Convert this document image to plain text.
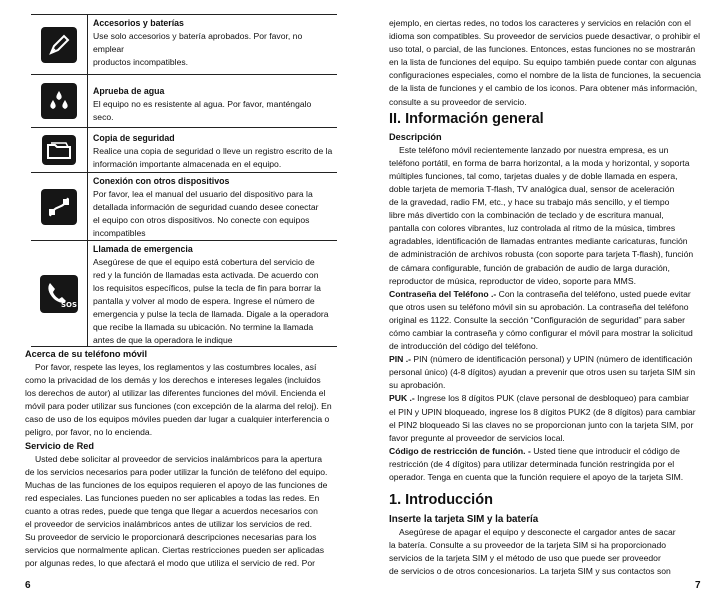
Accesorios y baterías
Use solo accesorios y batería aprobados. Por favor, no emplear
productos incompatibles.
Aprueba de agua
El equipo no es resistente al agua. Por favor, manténgalo seco.
Copia de seguridad
Realice una copia de seguridad o lleve un registro escrito de la
información importante almacenada en el equipo.
Conexión con otros dispositivos
Por favor, lea el manual del usuario del dispositivo para la
detallada información de seguridad cuando desee conectar
el equipo con otros dispositivos. No conecte con equipos
incompatibles
SOS
Llamada de emergencia
Asegúrese de que el equipo está cobertura del servicio de
red y la función de llamadas esta activada. De acuerdo con
los requisitos específicos, pulse la tecla de fin para borrar la
pantalla y volver al modo de espera. Ingrese el número de
emergencia y pulse la tecla de llamada. Digale a la operadora
que recibe la llamada su ubicación. No termine la llamada
antes de que la operadora le indique

Acerca de su teléfono móvil

Por favor, respete las leyes, los reglamentos y las costumbres locales, así

como la privacidad de los demás y los derechos e intereses legales (incluidos

los derechos de autor) al utilizar las diferentes funciones del móvil. Encienda el

móvil para poder utilizar sus funciones (con excepción de la alarma del reloj). En

caso de uso de los equipos móviles pueden dar lugar a cualquier interferencia o

peligro, por favor, no lo encienda.

Servicio de Red

Usted debe solicitar al proveedor de servicios inalámbricos para la apertura

de los servicios necesarios para poder utilizar la función de teléfono del equipo.

Muchas de las funciones de los equipos requieren el apoyo de las funciones de

red especiales. Las funciones pueden no ser aplicables a todas las redes. En

cuanto a otras redes, puede que tenga que llegar a acuerdos necesarios con

el proveedor de servicios inalámbricos antes de utilizar los servicios de red.

Su proveedor de servicio le proporcionará descripciones necesarias para los

servicios que normalmente aplican. Ciertas restricciones pueden ser aplicadas

por algunas redes, lo que afectará el modo que utiliza el servicio de red. Por

6

ejemplo, en ciertas redes, no todos los caracteres y servicios en relación con el

idioma son compatibles. Su proveedor de servicios puede desactivar, o prohibir el

uso total, o parcial, de las funciones. Entonces, estas funciones no se mostrarán

en la lista de funciones del equipo. Su equipo también puede contar con algunas

configuraciones especiales, como el nombre de la lista de funciones, la secuencia

de la lista de funciones y el cambio de los iconos. Para obtener más información,

consulte a su proveedor de servicio.

II. Información general

Descripción

Este teléfono móvil recientemente lanzado por nuestra empresa, es un

teléfono portátil, en forma de barra horizontal, a la moda y horizontal, y soporta

múltiples funciones, tal como, tarjetas duales y de doble llamada en espera,

doble tarjeta de memoria T-flash, TV analógica dual, sensor de aceleración

de la gravedad, radio FM, etc., y hace su trabajo más sencillo, y el tiempo

libre más divertido con la combinación de teclado y de escritura manual,

pantalla con colores vibrantes, luz controlada al ritmo de la música, timbres

agradables, identificación de llamadas entrantes mediante caricaturas, función

de administración de archivos robusta (con soporte para tarjeta T-flash), función

de cámara configurable, función de grabación de audio de larga duración,

reproductor de música, reproductor de video, soporte para MMS.

Contraseña del Teléfono .- Con la contraseña del teléfono, usted puede evitar

que otros usen su teléfono móvil sin su aprobación. La contraseña del teléfono

original es 1122. Consulte la sección “Configuración de seguridad” para saber

cómo cambiar la contraseña y cómo configurar el móvil para mostrar la solicitud

de introducción del código del teléfono.

PIN .- PIN (número de identificación personal) y UPIN (número de identificación

personal único) (4-8 dígitos) ayudan a prevenir que otros usen su tarjeta SIM sin

su aprobación.

PUK .- Ingrese los 8 dígitos PUK (clave personal de desbloqueo) para cambiar

el PIN y UPIN bloqueado, ingrese los 8 dígitos PUK2 (de 8 dígitos) para cambiar

el PIN2 bloqueado Si las claves no se proporcionan junto con la tarjeta SIM, por

favor pregunte al proveedor de servicios local.

Código de restricción de función. - Usted tiene que introducir el código de

restricción (de 4 dígitos) para utilizar determinada función restringida por el

operador. Tenga en cuenta que la función requiere el apoyo de la tarjeta SIM.

1. Introducción

Inserte la tarjeta SIM y la batería

Asegúrese de apagar el equipo y desconecte el cargador antes de sacar

la batería. Consulte a su proveedor de la tarjeta SIM si ha proporcionado

servicios de la tarjeta SIM y el método de uso que puede ser proveedor

de servicios o de otros concesionarios. La tarjeta SIM y sus contactos son

7
